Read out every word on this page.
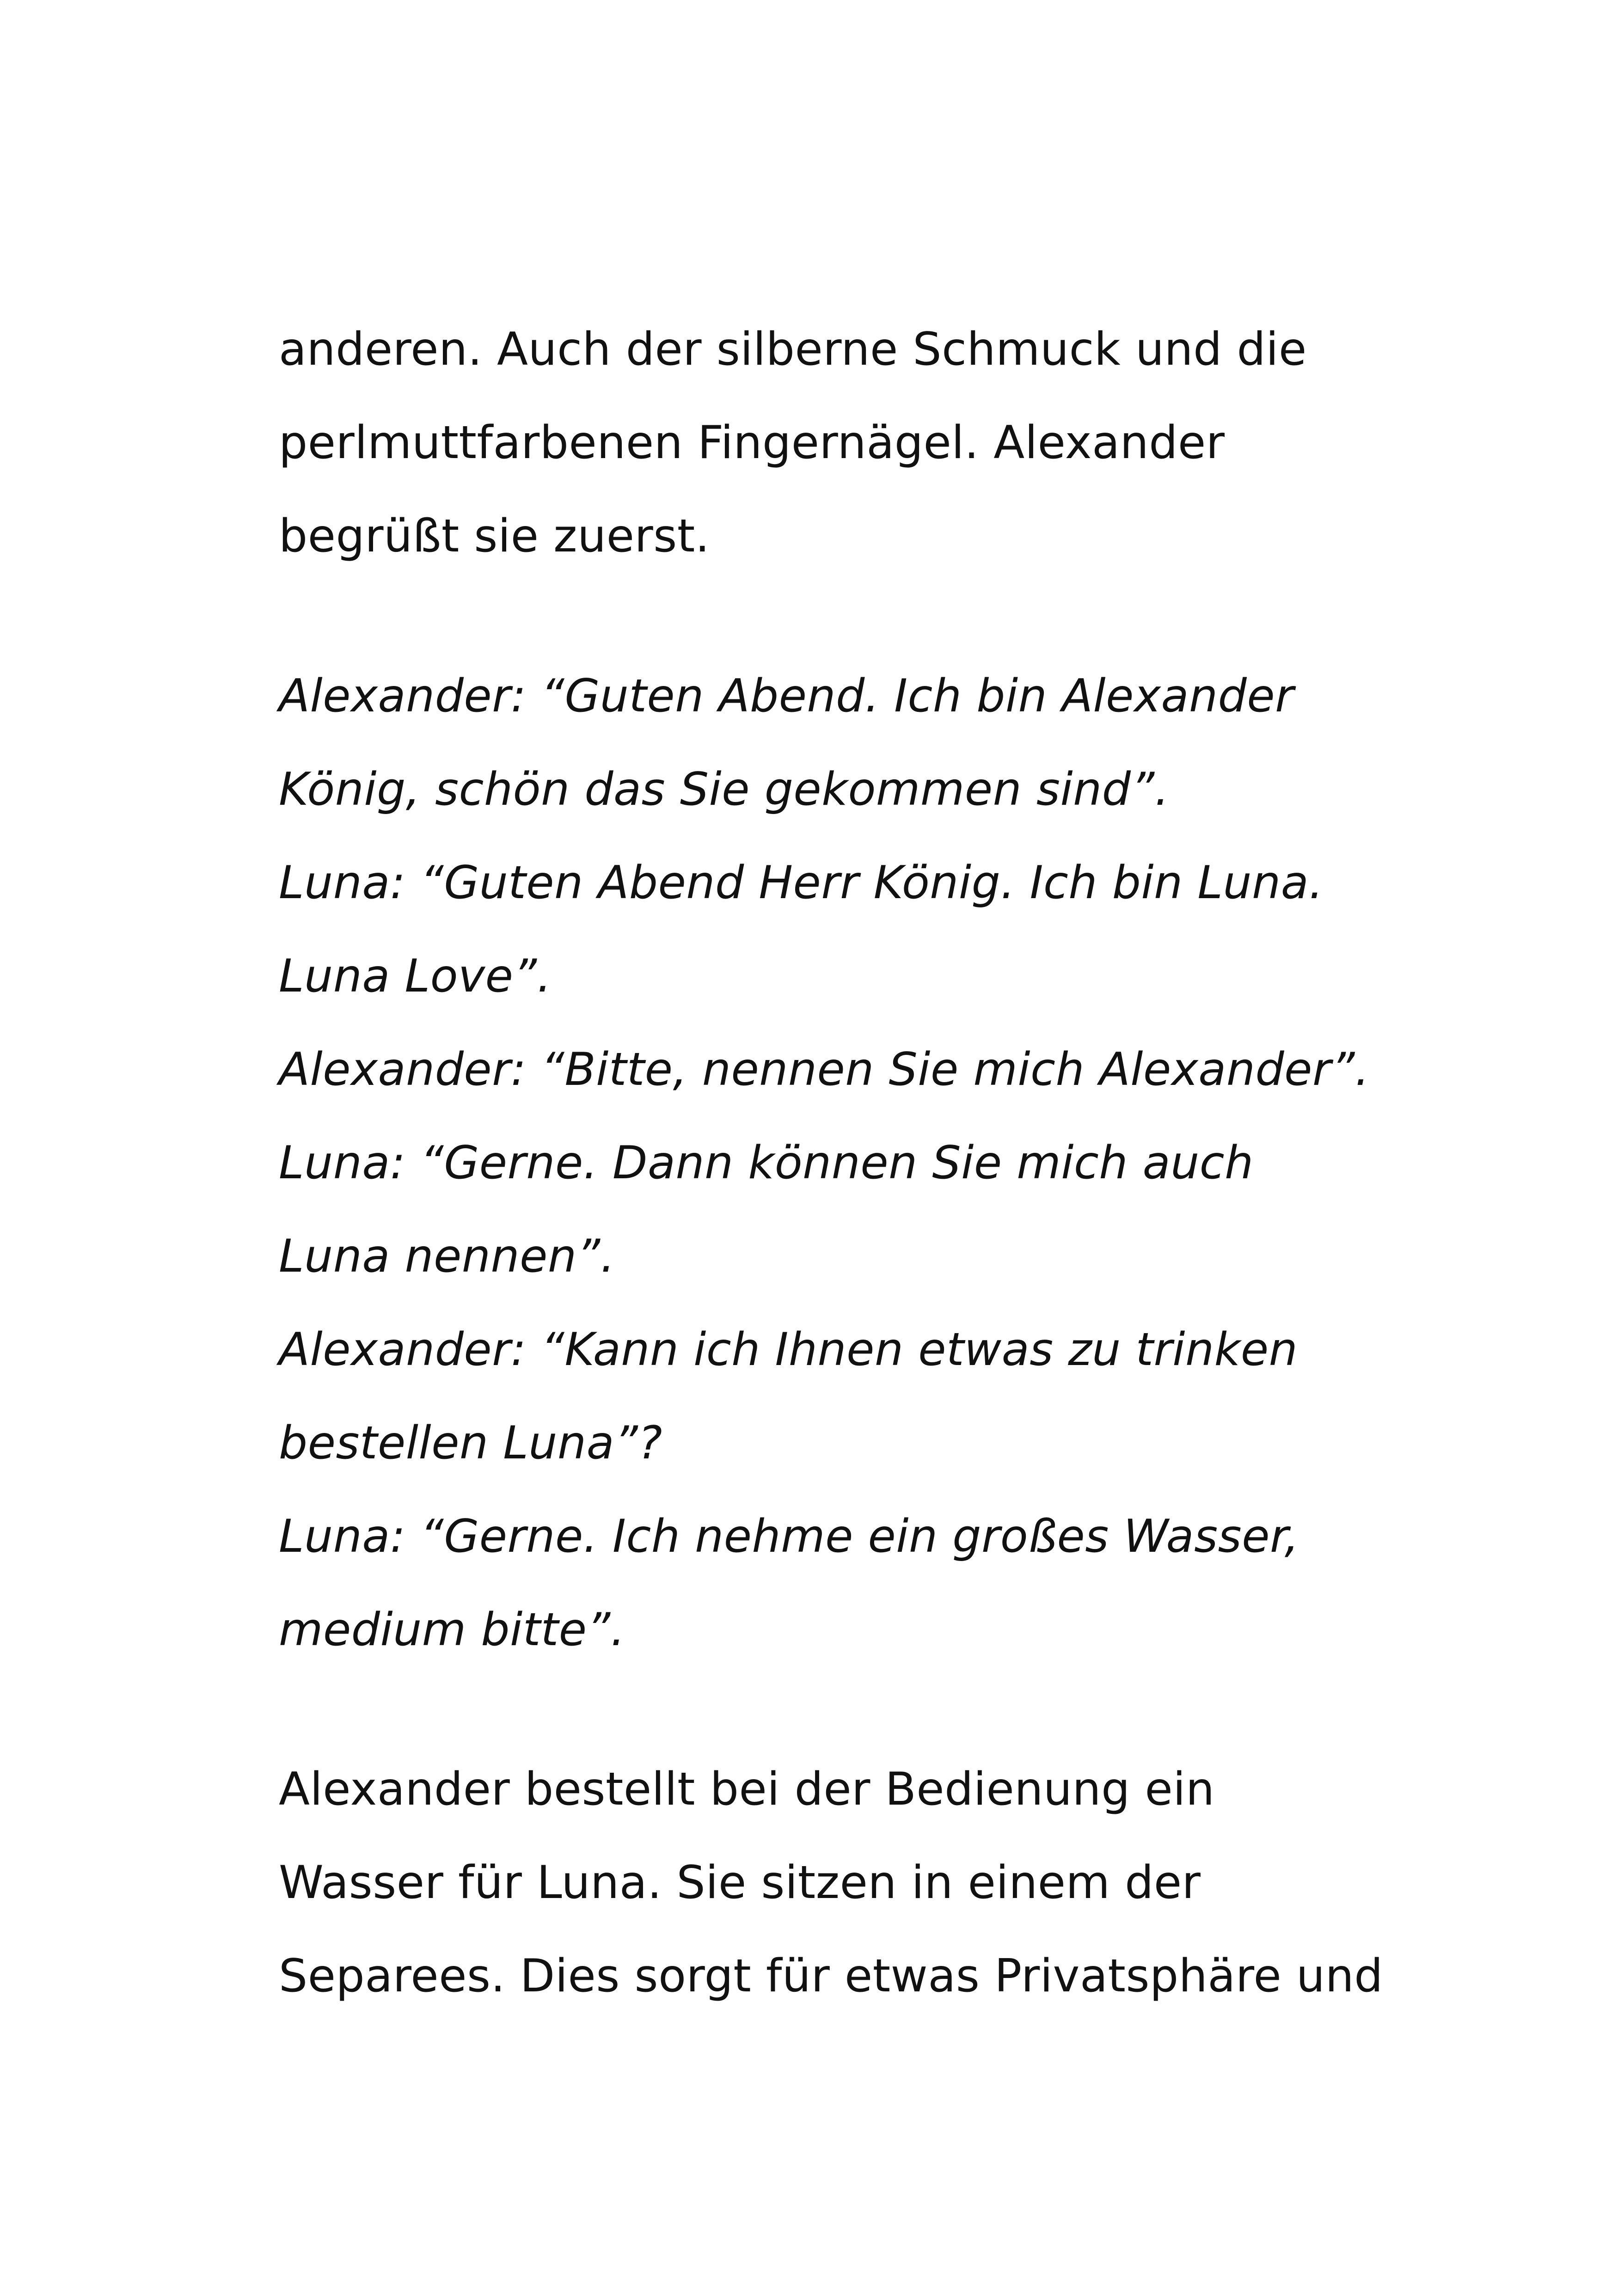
anderen. Auch der silberne Schmuck und die
perlmuttfarbenen Fingernägel. Alexander
begrüßt sie zuerst.
Alexander: “Guten Abend. Ich bin Alexander
König, schön das Sie gekommen sind”.
Luna: “Guten Abend Herr König. Ich bin Luna.
Luna Love”.
Alexander: “Bitte, nennen Sie mich Alexander”.
Luna: “Gerne. Dann können Sie mich auch
Luna nennen”.
Alexander: “Kann ich Ihnen etwas zu trinken
bestellen Luna”?
Luna: “Gerne. Ich nehme ein großes Wasser,
medium bitte”.
Alexander bestellt bei der Bedienung ein
Wasser für Luna. Sie sitzen in einem der
Separees. Dies sorgt für etwas Privatsphäre und
